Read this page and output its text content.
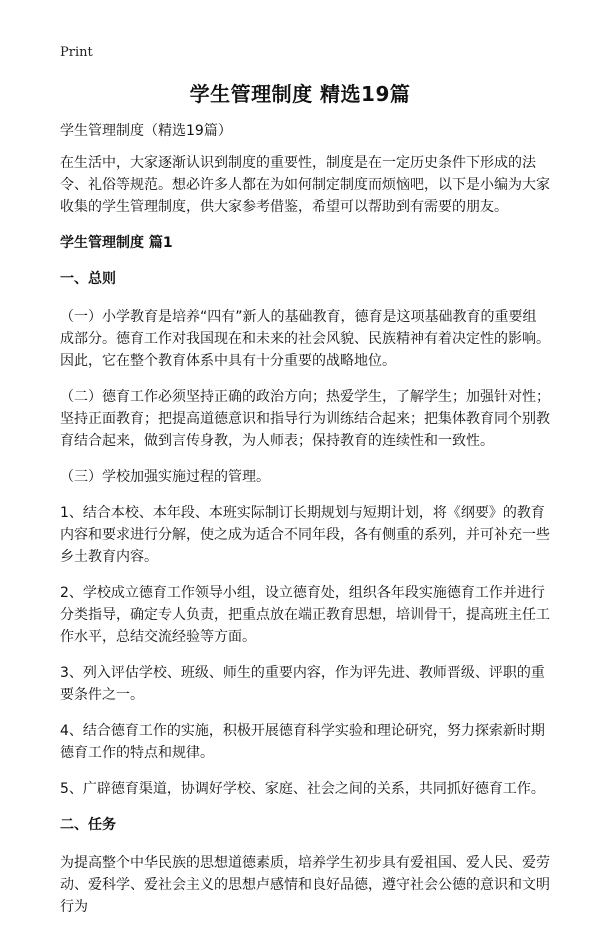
Print
学生管理制度 精选19篇

学生管理制度（精选19篇）

在生活中，大家逐渐认识到制度的重要性，制度是在一定历史条件下形成的法令、礼俗等规范。想必许多人都在为如何制定制度而烦恼吧，以下是小编为大家收集的学生管理制度，供大家参考借鉴，希望可以帮助到有需要的朋友。

学生管理制度 篇1

一、总则

（一）小学教育是培养“四有”新人的基础教育，德育是这项基础教育的重要组成部分。德育工作对我国现在和未来的社会风貌、民族精神有着决定性的影响。因此，它在整个教育体系中具有十分重要的战略地位。

（二）德育工作必须坚持正确的政治方向；热爱学生，了解学生；加强针对性；坚持正面教育；把提高道德意识和指导行为训练结合起来；把集体教育同个别教育结合起来，做到言传身教，为人师表；保持教育的连续性和一致性。

（三）学校加强实施过程的管理。

1、结合本校、本年段、本班实际制订长期规划与短期计划，将《纲要》的教育内容和要求进行分解，使之成为适合不同年段，各有侧重的系列，并可补充一些乡土教育内容。

2、学校成立德育工作领导小组，设立德育处，组织各年段实施德育工作并进行分类指导，确定专人负责，把重点放在端正教育思想，培训骨干，提高班主任工作水平，总结交流经验等方面。

3、列入评估学校、班级、师生的重要内容，作为评先进、教师晋级、评职的重要条件之一。

4、结合德育工作的实施，积极开展德育科学实验和理论研究，努力探索新时期德育工作的特点和规律。

5、广辟德育渠道，协调好学校、家庭、社会之间的关系，共同抓好德育工作。

二、任务

为提高整个中华民族的思想道德素质，培养学生初步具有爱祖国、爱人民、爱劳动、爱科学、爱社会主义的思想卢感情和良好品德，遵守社会公德的意识和文明行为
